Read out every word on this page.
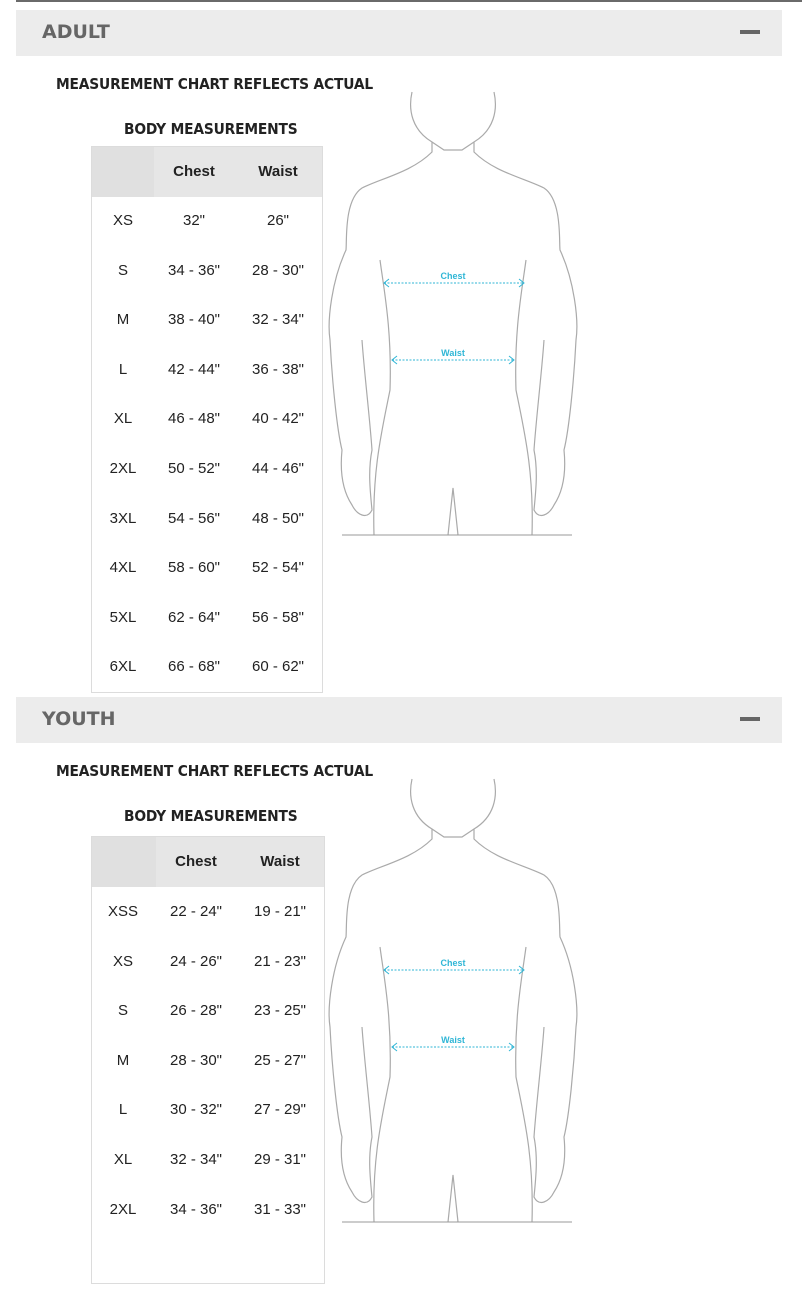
ADULT
MEASUREMENT CHART REFLECTS ACTUAL
BODY MEASUREMENTS
Chest	Waist
XS	32"	26"
S	34 - 36"	28 - 30"
M	38 - 40"	32 - 34"
L	42 - 44"	36 - 38"
XL	46 - 48"	40 - 42"
2XL	50 - 52"	44 - 46"
3XL	54 - 56"	48 - 50"
4XL	58 - 60"	52 - 54"
5XL	62 - 64"	56 - 58"
6XL	66 - 68"	60 - 62"
Chest
Waist
YOUTH
MEASUREMENT CHART REFLECTS ACTUAL
BODY MEASUREMENTS
Chest	Waist
XSS	22 - 24"	19 - 21"
XS	24 - 26"	21 - 23"
S	26 - 28"	23 - 25"
M	28 - 30"	25 - 27"
L	30 - 32"	27 - 29"
XL	32 - 34"	29 - 31"
2XL	34 - 36"	31 - 33"
Chest
Waist
